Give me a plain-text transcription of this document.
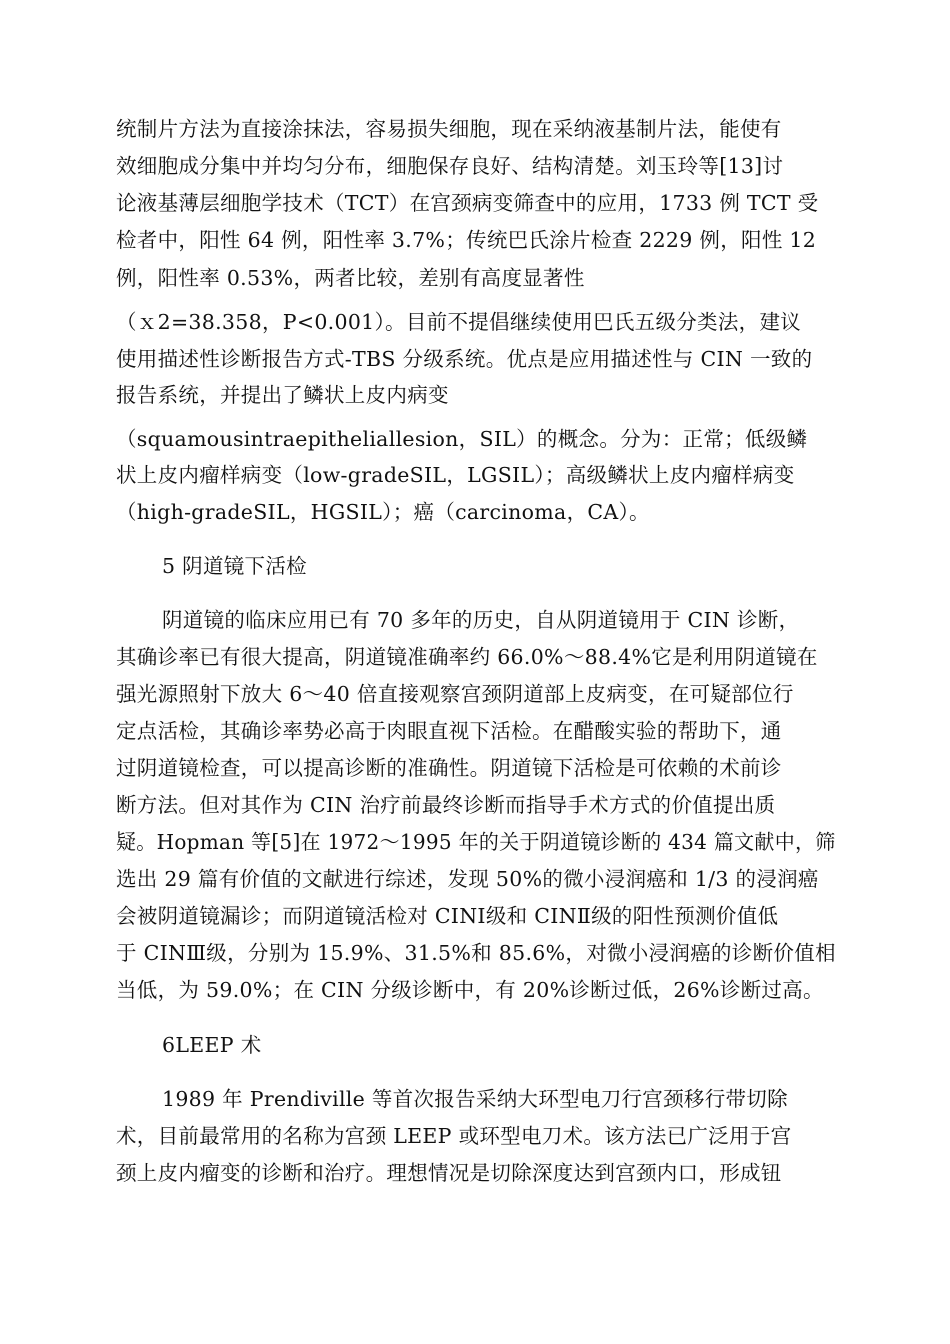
统制片方法为直接涂抹法，容易损失细胞，现在采纳液基制片法，能使有
效细胞成分集中并均匀分布，细胞保存良好、结构清楚。刘玉玲等[13]讨
论液基薄层细胞学技术（TCT）在宫颈病变筛查中的应用，1733 例 TCT 受
检者中，阳性 64 例，阳性率 3.7%；传统巴氏涂片检查 2229 例，阳性 12
例，阳性率 0.53%，两者比较，差别有高度显著性
（ｘ2=38.358，P<0.001）。目前不提倡继续使用巴氏五级分类法，建议
使用描述性诊断报告方式-TBS 分级系统。优点是应用描述性与 CIN 一致的
报告系统，并提出了鳞状上皮内病变
（squamousintraepitheliallesion，SIL）的概念。分为：正常；低级鳞
状上皮内瘤样病变（low-gradeSIL，LGSIL）；高级鳞状上皮内瘤样病变
（high-gradeSIL，HGSIL）；癌（carcinoma，CA）。
5 阴道镜下活检
阴道镜的临床应用已有 70 多年的历史，自从阴道镜用于 CIN 诊断，
其确诊率已有很大提高，阴道镜准确率约 66.0%～88.4%它是利用阴道镜在
强光源照射下放大 6～40 倍直接观察宫颈阴道部上皮病变，在可疑部位行
定点活检，其确诊率势必高于肉眼直视下活检。在醋酸实验的帮助下，通
过阴道镜检查，可以提高诊断的准确性。阴道镜下活检是可依赖的术前诊
断方法。但对其作为 CIN 治疗前最终诊断而指导手术方式的价值提出质
疑。Hopman 等[5]在 1972～1995 年的关于阴道镜诊断的 434 篇文献中，筛
选出 29 篇有价值的文献进行综述，发现 50%的微小浸润癌和 1/3 的浸润癌
会被阴道镜漏诊；而阴道镜活检对 CINⅠ级和 CINⅡ级的阳性预测价值低
于 CINⅢ级，分别为 15.9%、31.5%和 85.6%，对微小浸润癌的诊断价值相
当低，为 59.0%；在 CIN 分级诊断中，有 20%诊断过低，26%诊断过高。
6LEEP 术
1989 年 Prendiville 等首次报告采纳大环型电刀行宫颈移行带切除
术，目前最常用的名称为宫颈 LEEP 或环型电刀术。该方法已广泛用于宫
颈上皮内瘤变的诊断和治疗。理想情况是切除深度达到宫颈内口，形成钮
